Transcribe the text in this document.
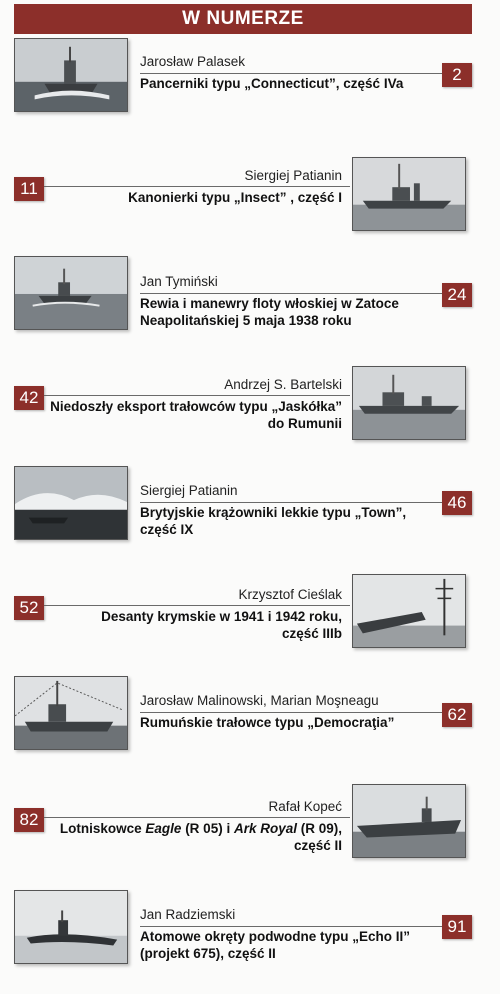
W NUMERZE
Jarosław Palasek
Pancerniki typu „Connecticut”, część IVa	2
11
Siergiej Patianin
Kanonierki typu „Insect” , część I
Jan Tymiński
Rewia i manewry floty włoskiej w Zatoce
Neapolitańskiej 5 maja 1938 roku
24
42
Andrzej S. Bartelski
Niedoszły eksport trałowców typu „Jaskółka”
do Rumunii
Siergiej Patianin
Brytyjskie krążowniki lekkie typu „Town”,
część IX
46
52
Krzysztof Cieślak
Desanty krymskie w 1941 i 1942 roku,
część IIIb
Jarosław Malinowski, Marian Moşneagu
Rumuńskie trałowce typu „Democraţia”	62
82
Rafał Kopeć
Lotniskowce Eagle (R 05) i Ark Royal (R 09),
część II
Jan Radziemski
Atomowe okręty podwodne typu „Echo II”
(projekt 675), część II
91
